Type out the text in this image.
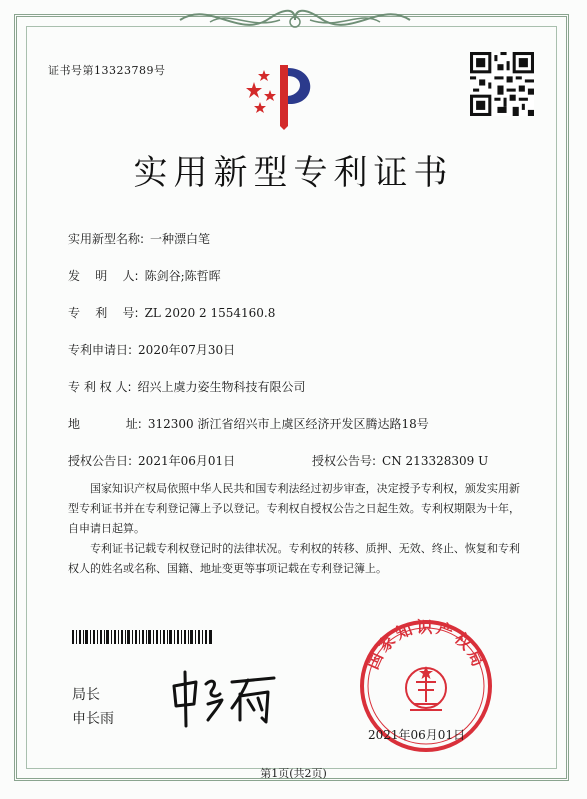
证书号第13323789号
实用新型专利证书
实用新型名称: 一种漂白笔
发    明    人: 陈剑谷;陈哲晖
专    利    号: ZL 2020 2 1554160.8
专利申请日: 2020年07月30日
专 利 权 人: 绍兴上虞力姿生物科技有限公司
地            址: 312300 浙江省绍兴市上虞区经济开发区腾达路18号
授权公告日: 2021年06月01日	授权公告号: CN 213328309 U
国家知识产权局依照中华人民共和国专利法经过初步审查，决定授予专利权，颁发实用新型专利证书并在专利登记簿上予以登记。专利权自授权公告之日起生效。专利权期限为十年，自申请日起算。
专利证书记载专利权登记时的法律状况。专利权的转移、质押、无效、终止、恢复和专利权人的姓名或名称、国籍、地址变更等事项记载在专利登记簿上。
局长
申长雨
国家知识产权局
2021年06月01日
第1页(共2页)
